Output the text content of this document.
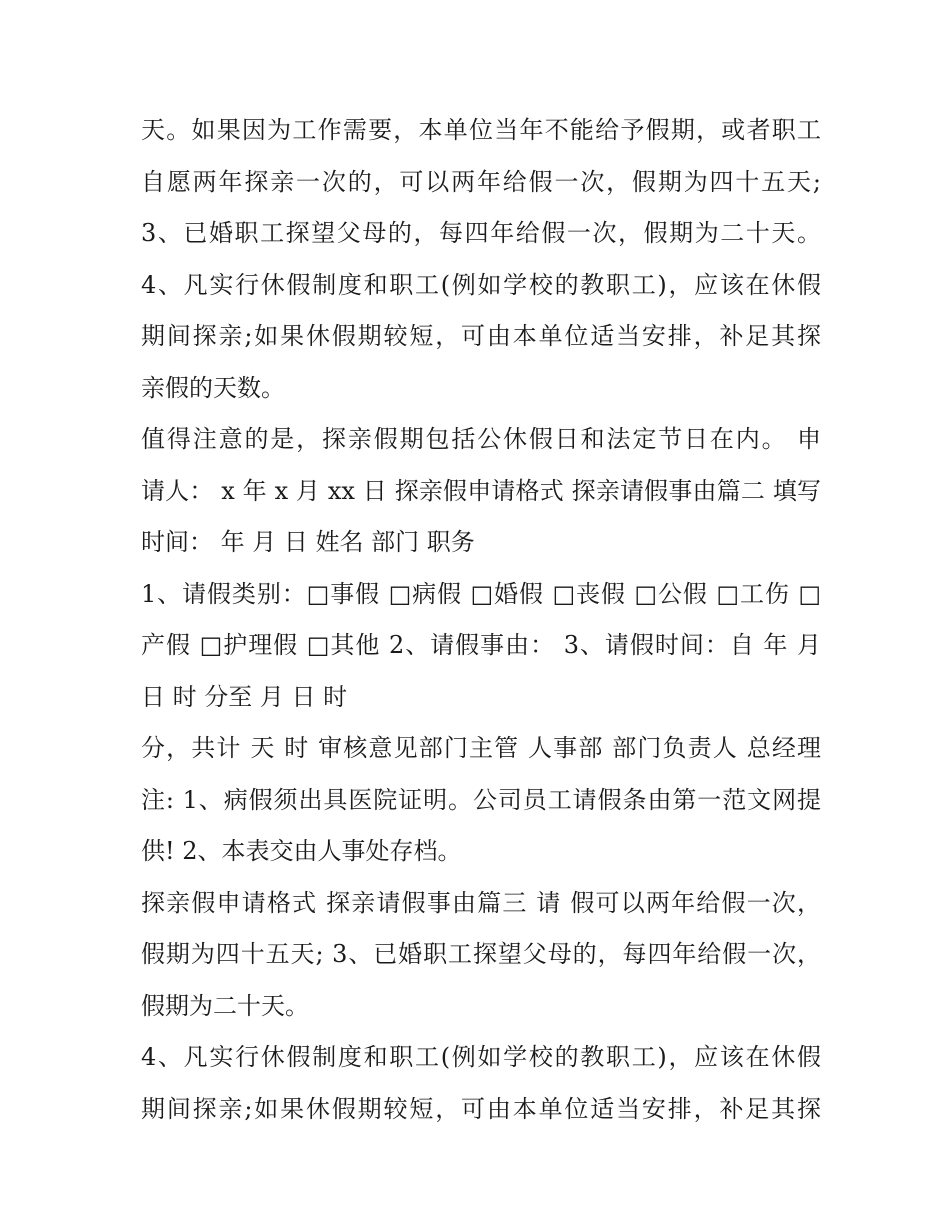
天。如果因为工作需要，本单位当年不能给予假期，或者职工
自愿两年探亲一次的，可以两年给假一次，假期为四十五天;
3、已婚职工探望父母的，每四年给假一次，假期为二十天。
4、凡实行休假制度和职工(例如学校的教职工)，应该在休假
期间探亲;如果休假期较短，可由本单位适当安排，补足其探
亲假的天数。
值得注意的是，探亲假期包括公休假日和法定节日在内。 申
请人： x 年 x 月 xx 日 探亲假申请格式 探亲请假事由篇二 填写
时间： 年 月 日 姓名 部门 职务
1、请假类别：□事假 □病假 □婚假 □丧假 □公假 □工伤 □
产假 □护理假 □其他 2、请假事由： 3、请假时间：自 年 月
日 时 分至 月 日 时
分，共计 天 时 审核意见部门主管 人事部 部门负责人 总经理
注: 1、病假须出具医院证明。公司员工请假条由第一范文网提
供! 2、本表交由人事处存档。
探亲假申请格式 探亲请假事由篇三 请 假可以两年给假一次，
假期为四十五天; 3、已婚职工探望父母的，每四年给假一次，
假期为二十天。
4、凡实行休假制度和职工(例如学校的教职工)，应该在休假
期间探亲;如果休假期较短，可由本单位适当安排，补足其探
